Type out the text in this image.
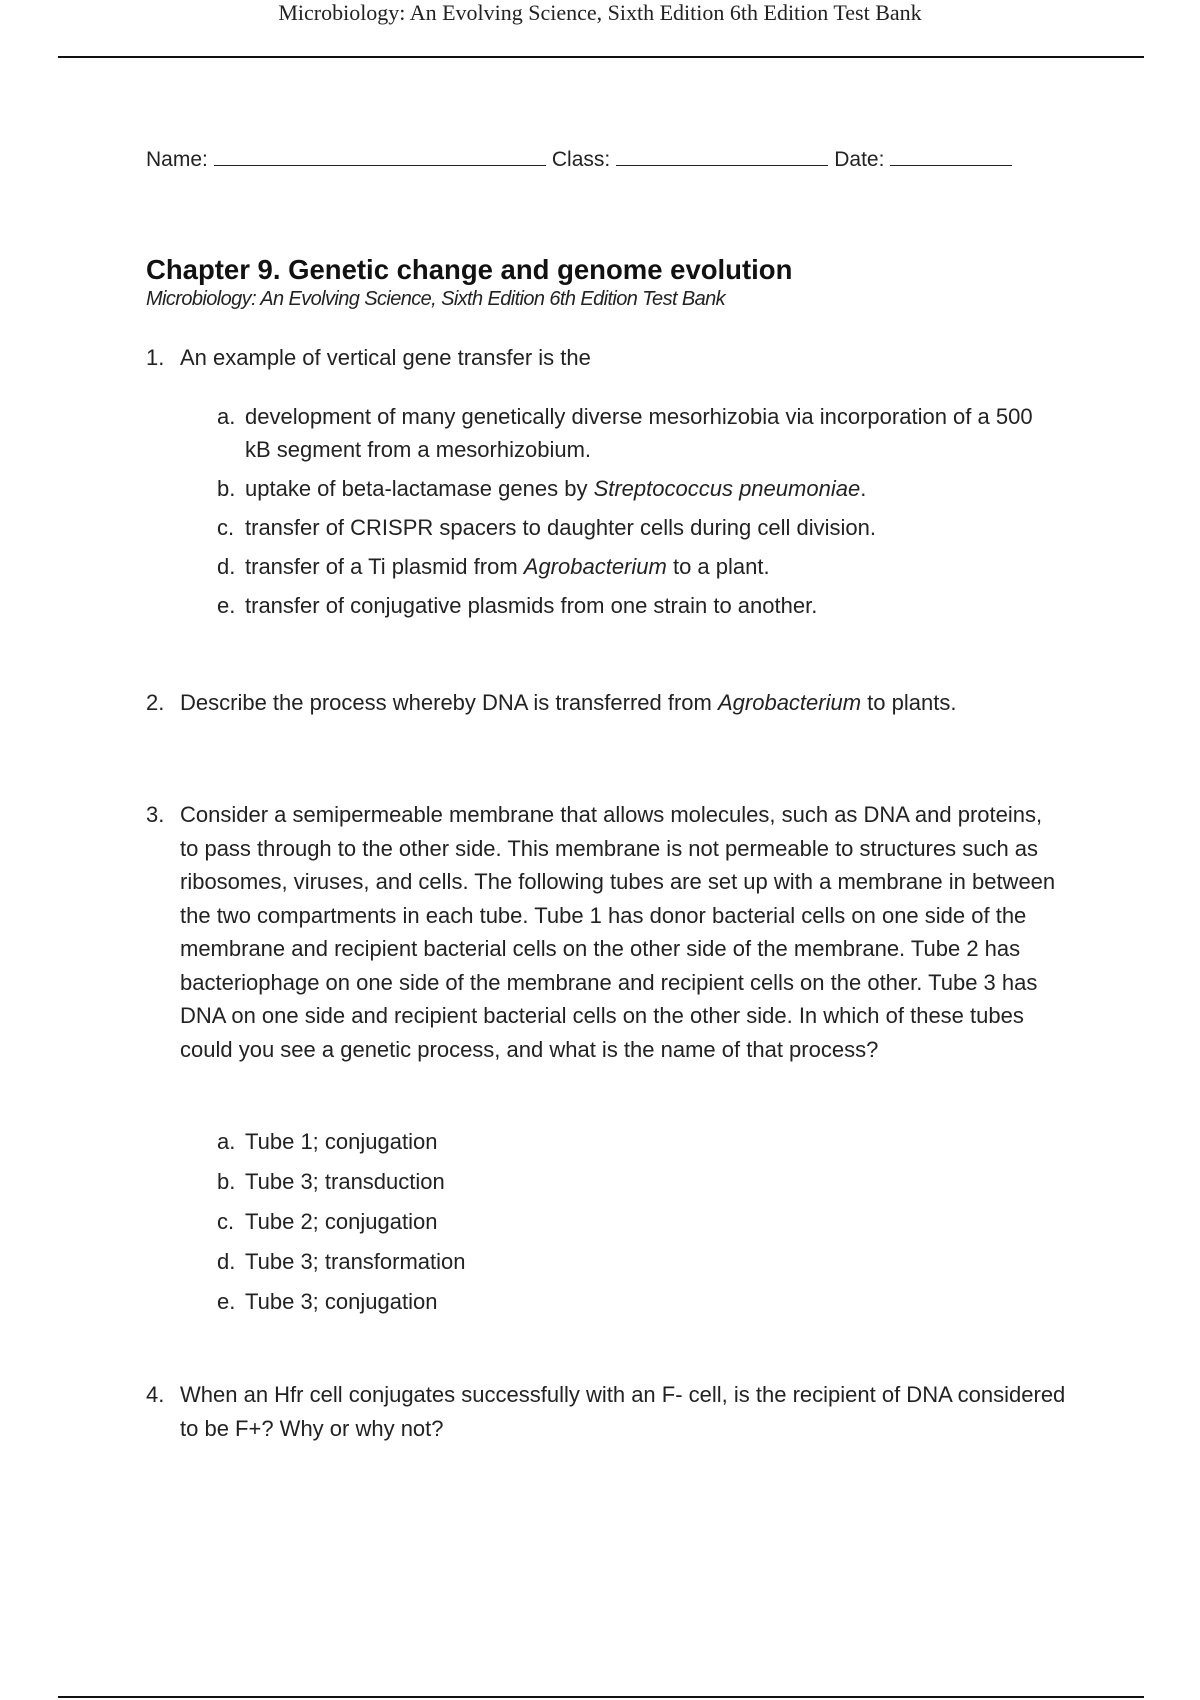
Microbiology: An Evolving Science, Sixth Edition 6th Edition Test Bank
Name:	Class:	Date:
Chapter 9. Genetic change and genome evolution
Microbiology: An Evolving Science, Sixth Edition 6th Edition Test Bank
1. An example of vertical gene transfer is the
a. development of many genetically diverse mesorhizobia via incorporation of a 500 kB segment from a mesorhizobium.
b. uptake of beta-lactamase genes by Streptococcus pneumoniae.
c. transfer of CRISPR spacers to daughter cells during cell division.
d. transfer of a Ti plasmid from Agrobacterium to a plant.
e. transfer of conjugative plasmids from one strain to another.
2. Describe the process whereby DNA is transferred from Agrobacterium to plants.
3. Consider a semipermeable membrane that allows molecules, such as DNA and proteins, to pass through to the other side. This membrane is not permeable to structures such as ribosomes, viruses, and cells. The following tubes are set up with a membrane in between the two compartments in each tube. Tube 1 has donor bacterial cells on one side of the membrane and recipient bacterial cells on the other side of the membrane. Tube 2 has bacteriophage on one side of the membrane and recipient cells on the other. Tube 3 has DNA on one side and recipient bacterial cells on the other side. In which of these tubes could you see a genetic process, and what is the name of that process?
a. Tube 1; conjugation
b. Tube 3; transduction
c. Tube 2; conjugation
d. Tube 3; transformation
e. Tube 3; conjugation
4. When an Hfr cell conjugates successfully with an F- cell, is the recipient of DNA considered to be F+? Why or why not?
